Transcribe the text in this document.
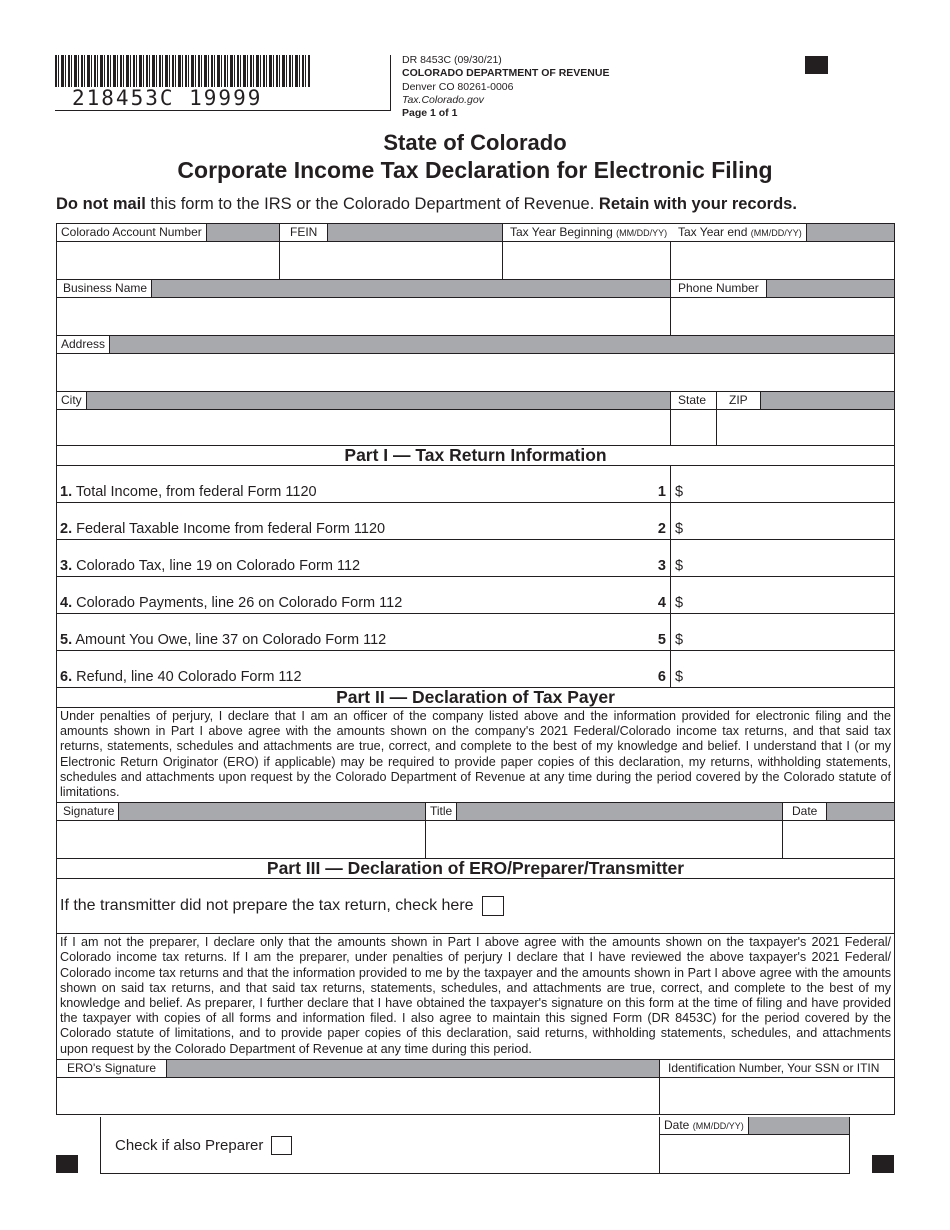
218453C 19999
DR 8453C (09/30/21)
COLORADO DEPARTMENT OF REVENUE
Denver CO 80261-0006
Tax.Colorado.gov
Page 1 of 1
State of Colorado
Corporate Income Tax Declaration for Electronic Filing
Do not mail this form to the IRS or the Colorado Department of Revenue. Retain with your records.
Colorado Account Number	FEIN	Tax Year Beginning (MM/DD/YY) Tax Year end (MM/DD/YY)
Business Name	Phone Number
Address
City	State	ZIP
Part I — Tax Return Information
1. Total Income, from federal Form 1120	1 $
2. Federal Taxable Income from federal Form 1120	2 $
3. Colorado Tax, line 19 on Colorado Form 112	3 $
4. Colorado Payments, line 26 on Colorado Form 112	4 $
5. Amount You Owe, line 37 on Colorado Form 112	5 $
6. Refund, line 40 Colorado Form 112	6 $
Part II — Declaration of Tax Payer
Under penalties of perjury, I declare that I am an officer of the company listed above and the information provided for electronic filing and the amounts shown in Part I above agree with the amounts shown on the company's 2021 Federal/Colorado income tax returns, and that said tax returns, statements, schedules and attachments are true, correct, and complete to the best of my knowledge and belief. I understand that I (or my Electronic Return Originator (ERO) if applicable) may be required to provide paper copies of this declaration, my returns, withholding statements, schedules and attachments upon request by the Colorado Department of Revenue at any time during the period covered by the Colorado statute of limitations.
Signature	Title	Date
Part III — Declaration of ERO/Preparer/Transmitter
If the transmitter did not prepare the tax return, check here
If I am not the preparer, I declare only that the amounts shown in Part I above agree with the amounts shown on the taxpayer's 2021 Federal/ Colorado income tax returns. If I am the preparer, under penalties of perjury I declare that I have reviewed the above taxpayer's 2021 Federal/ Colorado income tax returns and that the information provided to me by the taxpayer and the amounts shown in Part I above agree with the amounts shown on said tax returns, and that said tax returns, statements, schedules, and attachments are true, correct, and complete to the best of my knowledge and belief. As preparer, I further declare that I have obtained the taxpayer's signature on this form at the time of filing and have provided the taxpayer with copies of all forms and information filed. I also agree to maintain this signed Form (DR 8453C) for the period covered by the Colorado statute of limitations, and to provide paper copies of this declaration, said returns, withholding statements, schedules, and attachments upon request by the Colorado Department of Revenue at any time during this period.
ERO's Signature	Identification Number, Your SSN or ITIN
Check if also Preparer
Date (MM/DD/YY)
